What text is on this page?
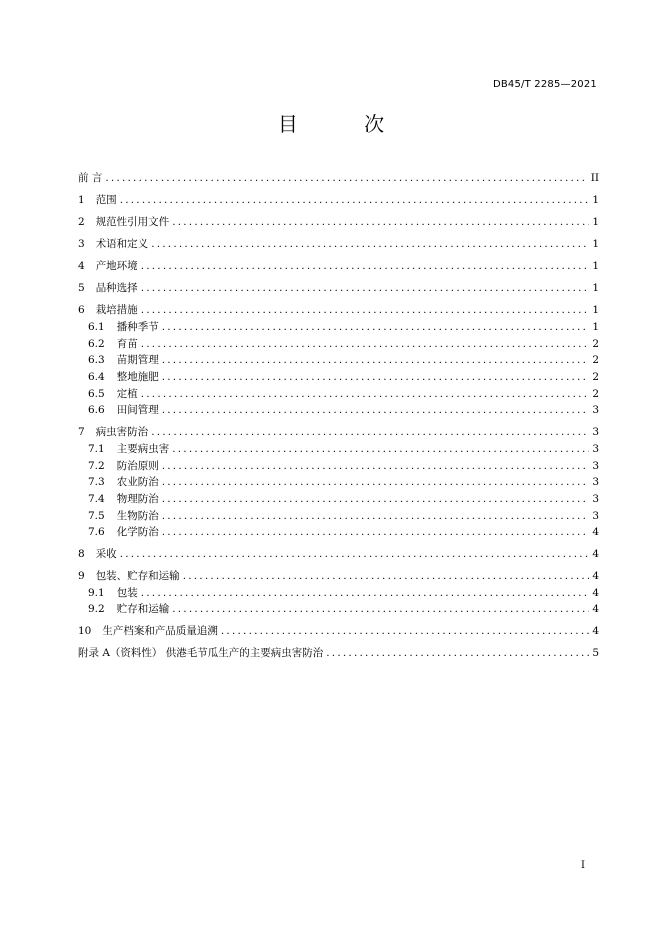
DB45/T 2285—2021
目 次
前 言 .....	II
1 范围 .....	1
2 规范性引用文件 .....	1
3 术语和定义 .....	1
4 产地环境 .....	1
5 品种选择 .....	1
6 栽培措施 .....	1
6.1 播种季节 .....	1
6.2 育苗 .....	2
6.3 苗期管理 .....	2
6.4 整地施肥 .....	2
6.5 定植 .....	2
6.6 田间管理 .....	3
7 病虫害防治 .....	3
7.1 主要病虫害 .....	3
7.2 防治原则 .....	3
7.3 农业防治 .....	3
7.4 物理防治 .....	3
7.5 生物防治 .....	3
7.6 化学防治 .....	4
8 采收 .....	4
9 包装、贮存和运输 .....	4
9.1 包装 .....	4
9.2 贮存和运输 .....	4
10 生产档案和产品质量追溯 .....	4
附录 A（资料性） 供港毛节瓜生产的主要病虫害防治 .....	5
I
